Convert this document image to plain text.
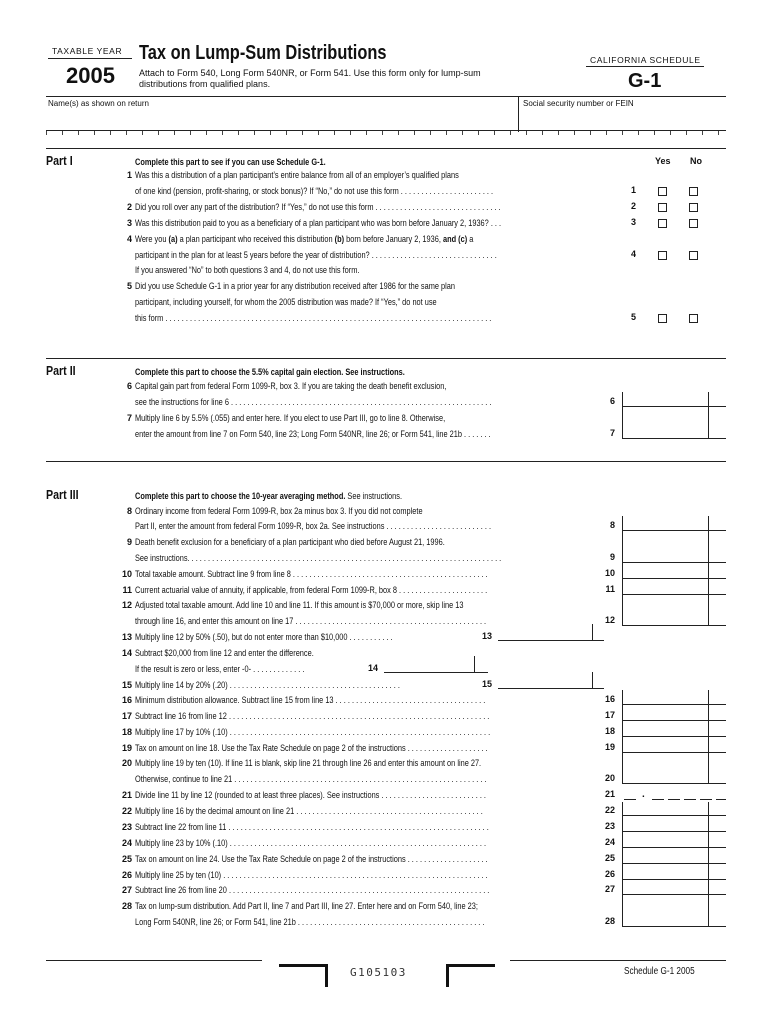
TAXABLE YEAR
2005
Tax on Lump-Sum Distributions
Attach to Form 540, Long Form 540NR, or Form 541. Use this form only for lump-sum
distributions from qualified plans.
CALIFORNIA SCHEDULE
G-1
Name(s) as shown on return	Social security number or FEIN
Part I	Complete this part to see if you can use Schedule G-1.	Yes No
1 Was this a distribution of a plan participant’s entire balance from all of an employer’s qualified plans
of one kind (pension, profit-sharing, or stock bonus)? If “No,” do not use this form . . . . . . . . . . . . . . . . . . . . . . .	1
2 Did you roll over any part of the distribution? If “Yes,” do not use this form . . . . . . . . . . . . . . . . . . . . . . . . . . . . . . .	2
3 Was this distribution paid to you as a beneficiary of a plan participant who was born before January 2, 1936? . . .	3
4 Were you (a) a plan participant who received this distribution (b) born before January 2, 1936, and (c) a
participant in the plan for at least 5 years before the year of distribution? . . . . . . . . . . . . . . . . . . . . . . . . . . . . . . .	4
If you answered “No” to both questions 3 and 4, do not use this form.
5 Did you use Schedule G-1 in a prior year for any distribution received after 1986 for the same plan
participant, including yourself, for whom the 2005 distribution was made? If “Yes,” do not use
this form . . . . . . . . . . . . . . . . . . . . . . . . . . . . . . . . . . . . . . . . . . . . . . . . . . . . . . . . . . . . . . . . . . . . . . . . . . . . . . . .	5
Part II	Complete this part to choose the 5.5% capital gain election. See instructions.
6 Capital gain part from federal Form 1099-R, box 3. If you are taking the death benefit exclusion,
see the instructions for line 6 . . . . . . . . . . . . . . . . . . . . . . . . . . . . . . . . . . . . . . . . . . . . . . . . . . . . . . . . . . . . . . . .	6
7 Multiply line 6 by 5.5% (.055) and enter here. If you elect to use Part III, go to line 8. Otherwise,
enter the amount from line 7 on Form 540, line 23; Long Form 540NR, line 26; or Form 541, line 21b . . . . . . .	7
Part III	Complete this part to choose the 10-year averaging method. See instructions.
8 Ordinary income from federal Form 1099-R, box 2a minus box 3. If you did not complete
Part II, enter the amount from federal Form 1099-R, box 2a. See instructions . . . . . . . . . . . . . . . . . . . . . . . . . .	8
9 Death benefit exclusion for a beneficiary of a plan participant who died before August 21, 1996.
See instructions. . . . . . . . . . . . . . . . . . . . . . . . . . . . . . . . . . . . . . . . . . . . . . . . . . . . . . . . . . . . . . . . . . . . . . . . . . . . .	9
10 Total taxable amount. Subtract line 9 from line 8 . . . . . . . . . . . . . . . . . . . . . . . . . . . . . . . . . . . . . . . . . . . . . . . .	10
11 Current actuarial value of annuity, if applicable, from federal Form 1099-R, box 8 . . . . . . . . . . . . . . . . . . . . . .	11
12 Adjusted total taxable amount. Add line 10 and line 11. If this amount is $70,000 or more, skip line 13
through line 16, and enter this amount on line 17 . . . . . . . . . . . . . . . . . . . . . . . . . . . . . . . . . . . . . . . . . . . . . . .	12
13 Multiply line 12 by 50% (.50), but do not enter more than $10,000 . . . . . . . . . . .	13
14 Subtract $20,000 from line 12 and enter the difference.
If the result is zero or less, enter -0- . . . . . . . . . . . . .	14
15 Multiply line 14 by 20% (.20) . . . . . . . . . . . . . . . . . . . . . . . . . . . . . . . . . . . . . . . . . .	15
16 Minimum distribution allowance. Subtract line 15 from line 13 . . . . . . . . . . . . . . . . . . . . . . . . . . . . . . . . . . . . .	16
17 Subtract line 16 from line 12 . . . . . . . . . . . . . . . . . . . . . . . . . . . . . . . . . . . . . . . . . . . . . . . . . . . . . . . . . . . . . . . .	17
18 Multiply line 17 by 10% (.10) . . . . . . . . . . . . . . . . . . . . . . . . . . . . . . . . . . . . . . . . . . . . . . . . . . . . . . . . . . . . . . . .	18
19 Tax on amount on line 18. Use the Tax Rate Schedule on page 2 of the instructions . . . . . . . . . . . . . . . . . . . .	19
20 Multiply line 19 by ten (10). If line 11 is blank, skip line 21 through line 26 and enter this amount on line 27.
Otherwise, continue to line 21 . . . . . . . . . . . . . . . . . . . . . . . . . . . . . . . . . . . . . . . . . . . . . . . . . . . . . . . . . . . . . .	20
21 Divide line 11 by line 12 (rounded to at least three places). See instructions . . . . . . . . . . . . . . . . . . . . . . . . . .	21
22 Multiply line 16 by the decimal amount on line 21 . . . . . . . . . . . . . . . . . . . . . . . . . . . . . . . . . . . . . . . . . . . . . .	22
23 Subtract line 22 from line 11 . . . . . . . . . . . . . . . . . . . . . . . . . . . . . . . . . . . . . . . . . . . . . . . . . . . . . . . . . . . . . . . .	23
24 Multiply line 23 by 10% (.10) . . . . . . . . . . . . . . . . . . . . . . . . . . . . . . . . . . . . . . . . . . . . . . . . . . . . . . . . . . . . . . .	24
25 Tax on amount on line 24. Use the Tax Rate Schedule on page 2 of the instructions . . . . . . . . . . . . . . . . . . . .	25
26 Multiply line 25 by ten (10) . . . . . . . . . . . . . . . . . . . . . . . . . . . . . . . . . . . . . . . . . . . . . . . . . . . . . . . . . . . . . . . . .	26
27 Subtract line 26 from line 20 . . . . . . . . . . . . . . . . . . . . . . . . . . . . . . . . . . . . . . . . . . . . . . . . . . . . . . . . . . . . . . . .	27
28 Tax on lump-sum distribution. Add Part II, line 7 and Part III, line 27. Enter here and on Form 540, line 23;
Long Form 540NR, line 26; or Form 541, line 21b . . . . . . . . . . . . . . . . . . . . . . . . . . . . . . . . . . . . . . . . . . . . . .	28
.
G105103	Schedule G-1 2005
